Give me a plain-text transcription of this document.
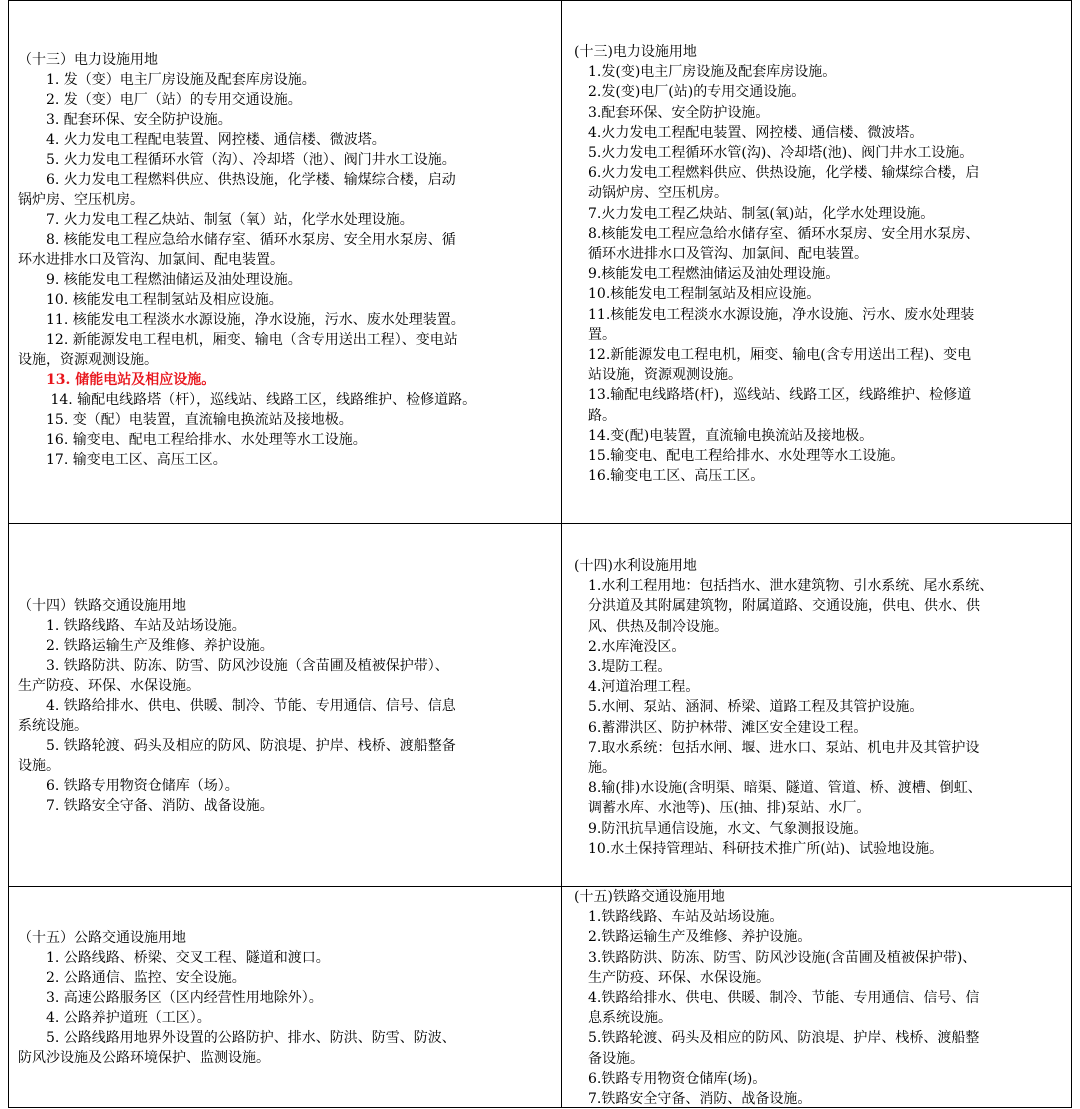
（十三）电力设施用地
　　1. 发（变）电主厂房设施及配套库房设施。
　　2. 发（变）电厂（站）的专用交通设施。
　　3. 配套环保、安全防护设施。
　　4. 火力发电工程配电装置、网控楼、通信楼、微波塔。
　　5. 火力发电工程循环水管（沟）、冷却塔（池）、阀门井水工设施。
　　6. 火力发电工程燃料供应、供热设施，化学楼、输煤综合楼，启动
锅炉房、空压机房。
　　7. 火力发电工程乙炔站、制氢（氧）站，化学水处理设施。
　　8. 核能发电工程应急给水储存室、循环水泵房、安全用水泵房、循
环水进排水口及管沟、加氯间、配电装置。
　　9. 核能发电工程燃油储运及油处理设施。
　　10. 核能发电工程制氢站及相应设施。
　　11. 核能发电工程淡水水源设施，净水设施，污水、废水处理装置。
　　12. 新能源发电工程电机，厢变、输电（含专用送出工程）、变电站
设施，资源观测设施。
　　13. 储能电站及相应设施。
　　 14. 输配电线路塔（杆），巡线站、线路工区，线路维护、检修道路。
　　15. 变（配）电装置，直流输电换流站及接地极。
　　16. 输变电、配电工程给排水、水处理等水工设施。
　　17. 输变电工区、高压工区。
(十三)电力设施用地
　1.发(变)电主厂房设施及配套库房设施。
　2.发(变)电厂(站)的专用交通设施。
　3.配套环保、安全防护设施。
　4.火力发电工程配电装置、网控楼、通信楼、微波塔。
　5.火力发电工程循环水管(沟)、冷却塔(池)、阀门井水工设施。
　6.火力发电工程燃料供应、供热设施，化学楼、输煤综合楼，启
　动锅炉房、空压机房。
　7.火力发电工程乙炔站、制氢(氧)站，化学水处理设施。
　8.核能发电工程应急给水储存室、循环水泵房、安全用水泵房、
　循环水进排水口及管沟、加氯间、配电装置。
　9.核能发电工程燃油储运及油处理设施。
　10.核能发电工程制氢站及相应设施。
　11.核能发电工程淡水水源设施，净水设施、污水、废水处理装
　置。
　12.新能源发电工程电机，厢变、输电(含专用送出工程)、变电
　站设施，资源观测设施。
　13.输配电线路塔(杆)，巡线站、线路工区，线路维护、检修道
　路。
　14.变(配)电装置，直流输电换流站及接地极。
　15.输变电、配电工程给排水、水处理等水工设施。
　16.输变电工区、高压工区。
（十四）铁路交通设施用地
　　1. 铁路线路、车站及站场设施。
　　2. 铁路运输生产及维修、养护设施。
　　3. 铁路防洪、防冻、防雪、防风沙设施（含苗圃及植被保护带）、
生产防疫、环保、水保设施。
　　4. 铁路给排水、供电、供暖、制冷、节能、专用通信、信号、信息
系统设施。
　　5. 铁路轮渡、码头及相应的防风、防浪堤、护岸、栈桥、渡船整备
设施。
　　6. 铁路专用物资仓储库（场）。
　　7. 铁路安全守备、消防、战备设施。
(十四)水利设施用地
　1.水利工程用地：包括挡水、泄水建筑物、引水系统、尾水系统、
　分洪道及其附属建筑物，附属道路、交通设施，供电、供水、供
　风、供热及制冷设施。
　2.水库淹没区。
　3.堤防工程。
　4.河道治理工程。
　5.水闸、泵站、涵洞、桥梁、道路工程及其管护设施。
　6.蓄滞洪区、防护林带、滩区安全建设工程。
　7.取水系统：包括水闸、堰、进水口、泵站、机电井及其管护设
　施。
　8.输(排)水设施(含明渠、暗渠、隧道、管道、桥、渡槽、倒虹、
　调蓄水库、水池等)、压(抽、排)泵站、水厂。
　9.防汛抗旱通信设施，水文、气象测报设施。
　10.水土保持管理站、科研技术推广所(站)、试验地设施。
（十五）公路交通设施用地
　　1. 公路线路、桥梁、交叉工程、隧道和渡口。
　　2. 公路通信、监控、安全设施。
　　3. 高速公路服务区（区内经营性用地除外）。
　　4. 公路养护道班（工区）。
　　5. 公路线路用地界外设置的公路防护、排水、防洪、防雪、防波、
防风沙设施及公路环境保护、监测设施。
(十五)铁路交通设施用地
　1.铁路线路、车站及站场设施。
　2.铁路运输生产及维修、养护设施。
　3.铁路防洪、防冻、防雪、防风沙设施(含苗圃及植被保护带)、
　生产防疫、环保、水保设施。
　4.铁路给排水、供电、供暖、制冷、节能、专用通信、信号、信
　息系统设施。
　5.铁路轮渡、码头及相应的防风、防浪堤、护岸、栈桥、渡船整
　备设施。
　6.铁路专用物资仓储库(场)。
　7.铁路安全守备、消防、战备设施。
